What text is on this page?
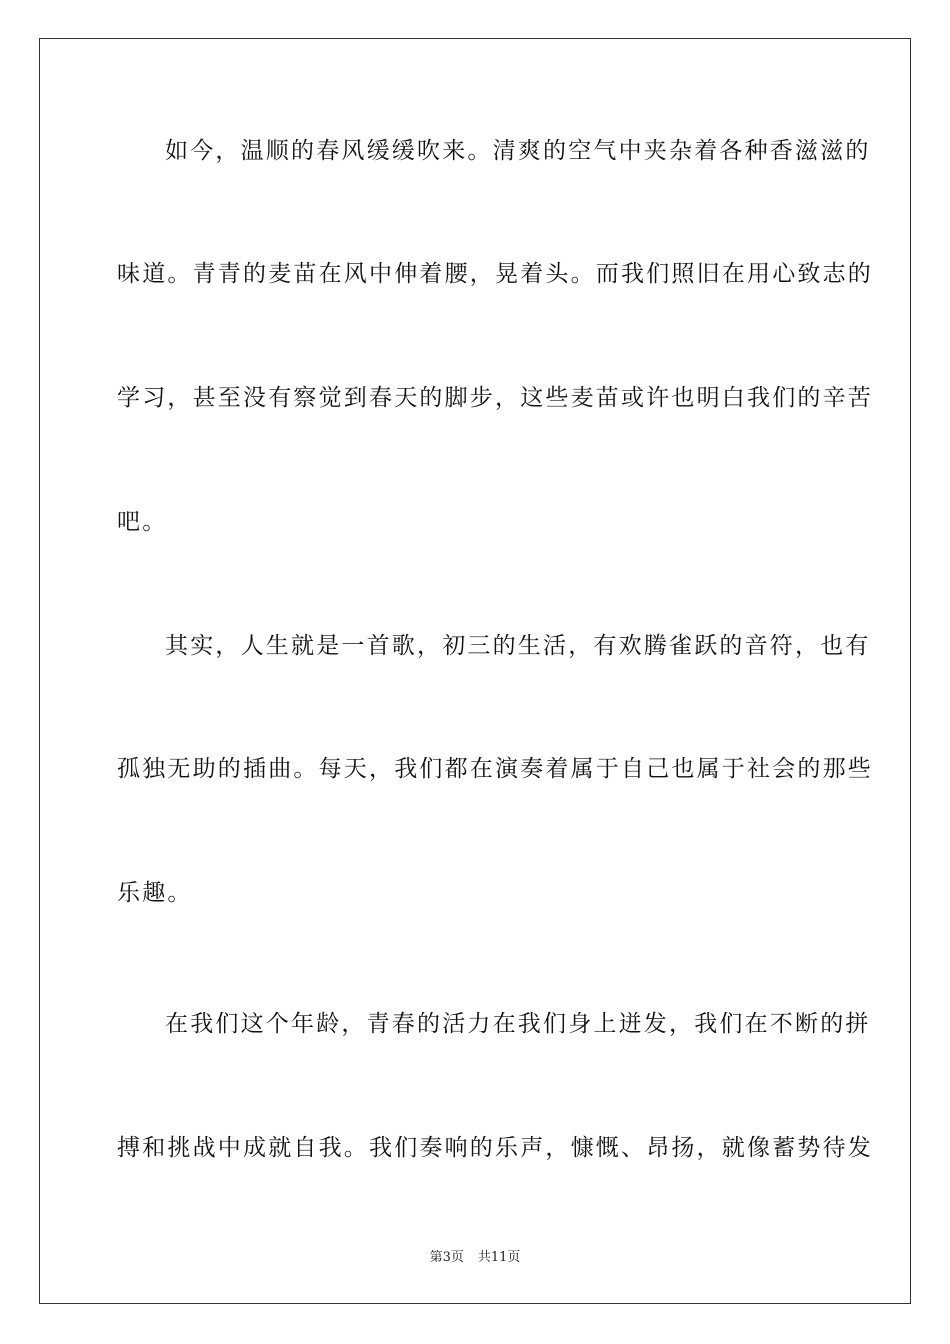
如今，温顺的春风缓缓吹来。清爽的空气中夹杂着各种香滋滋的
味道。青青的麦苗在风中伸着腰，晃着头。而我们照旧在用心致志的
学习，甚至没有察觉到春天的脚步，这些麦苗或许也明白我们的辛苦
吧。
其实，人生就是一首歌，初三的生活，有欢腾雀跃的音符，也有
孤独无助的插曲。每天，我们都在演奏着属于自己也属于社会的那些
乐趣。
在我们这个年龄，青春的活力在我们身上迸发，我们在不断的拼
搏和挑战中成就自我。我们奏响的乐声，慷慨、昂扬，就像蓄势待发
第3页 共11页
